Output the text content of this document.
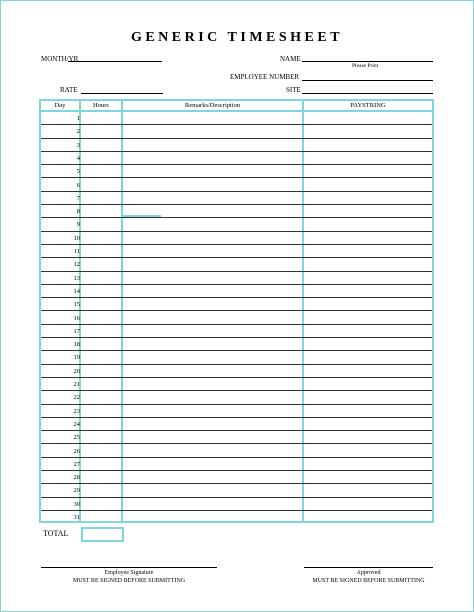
GENERIC TIMESHEET
MONTH/YR	NAME
Please Print
EMPLOYEE NUMBER
RATE	SITE
Day	Hours	Remarks/Description	PAYSTRING
1
2
3
4
5
6
7
8
9
10
11
12
13
14
15
16
17
18
19
20
21
22
23
24
25
26
27
28
29
30
31
TOTAL
Employee Signature
MUST BE SIGNED BEFORE SUBMITTING
Approved
MUST BE SIGNED BEFORE SUBMITTING
